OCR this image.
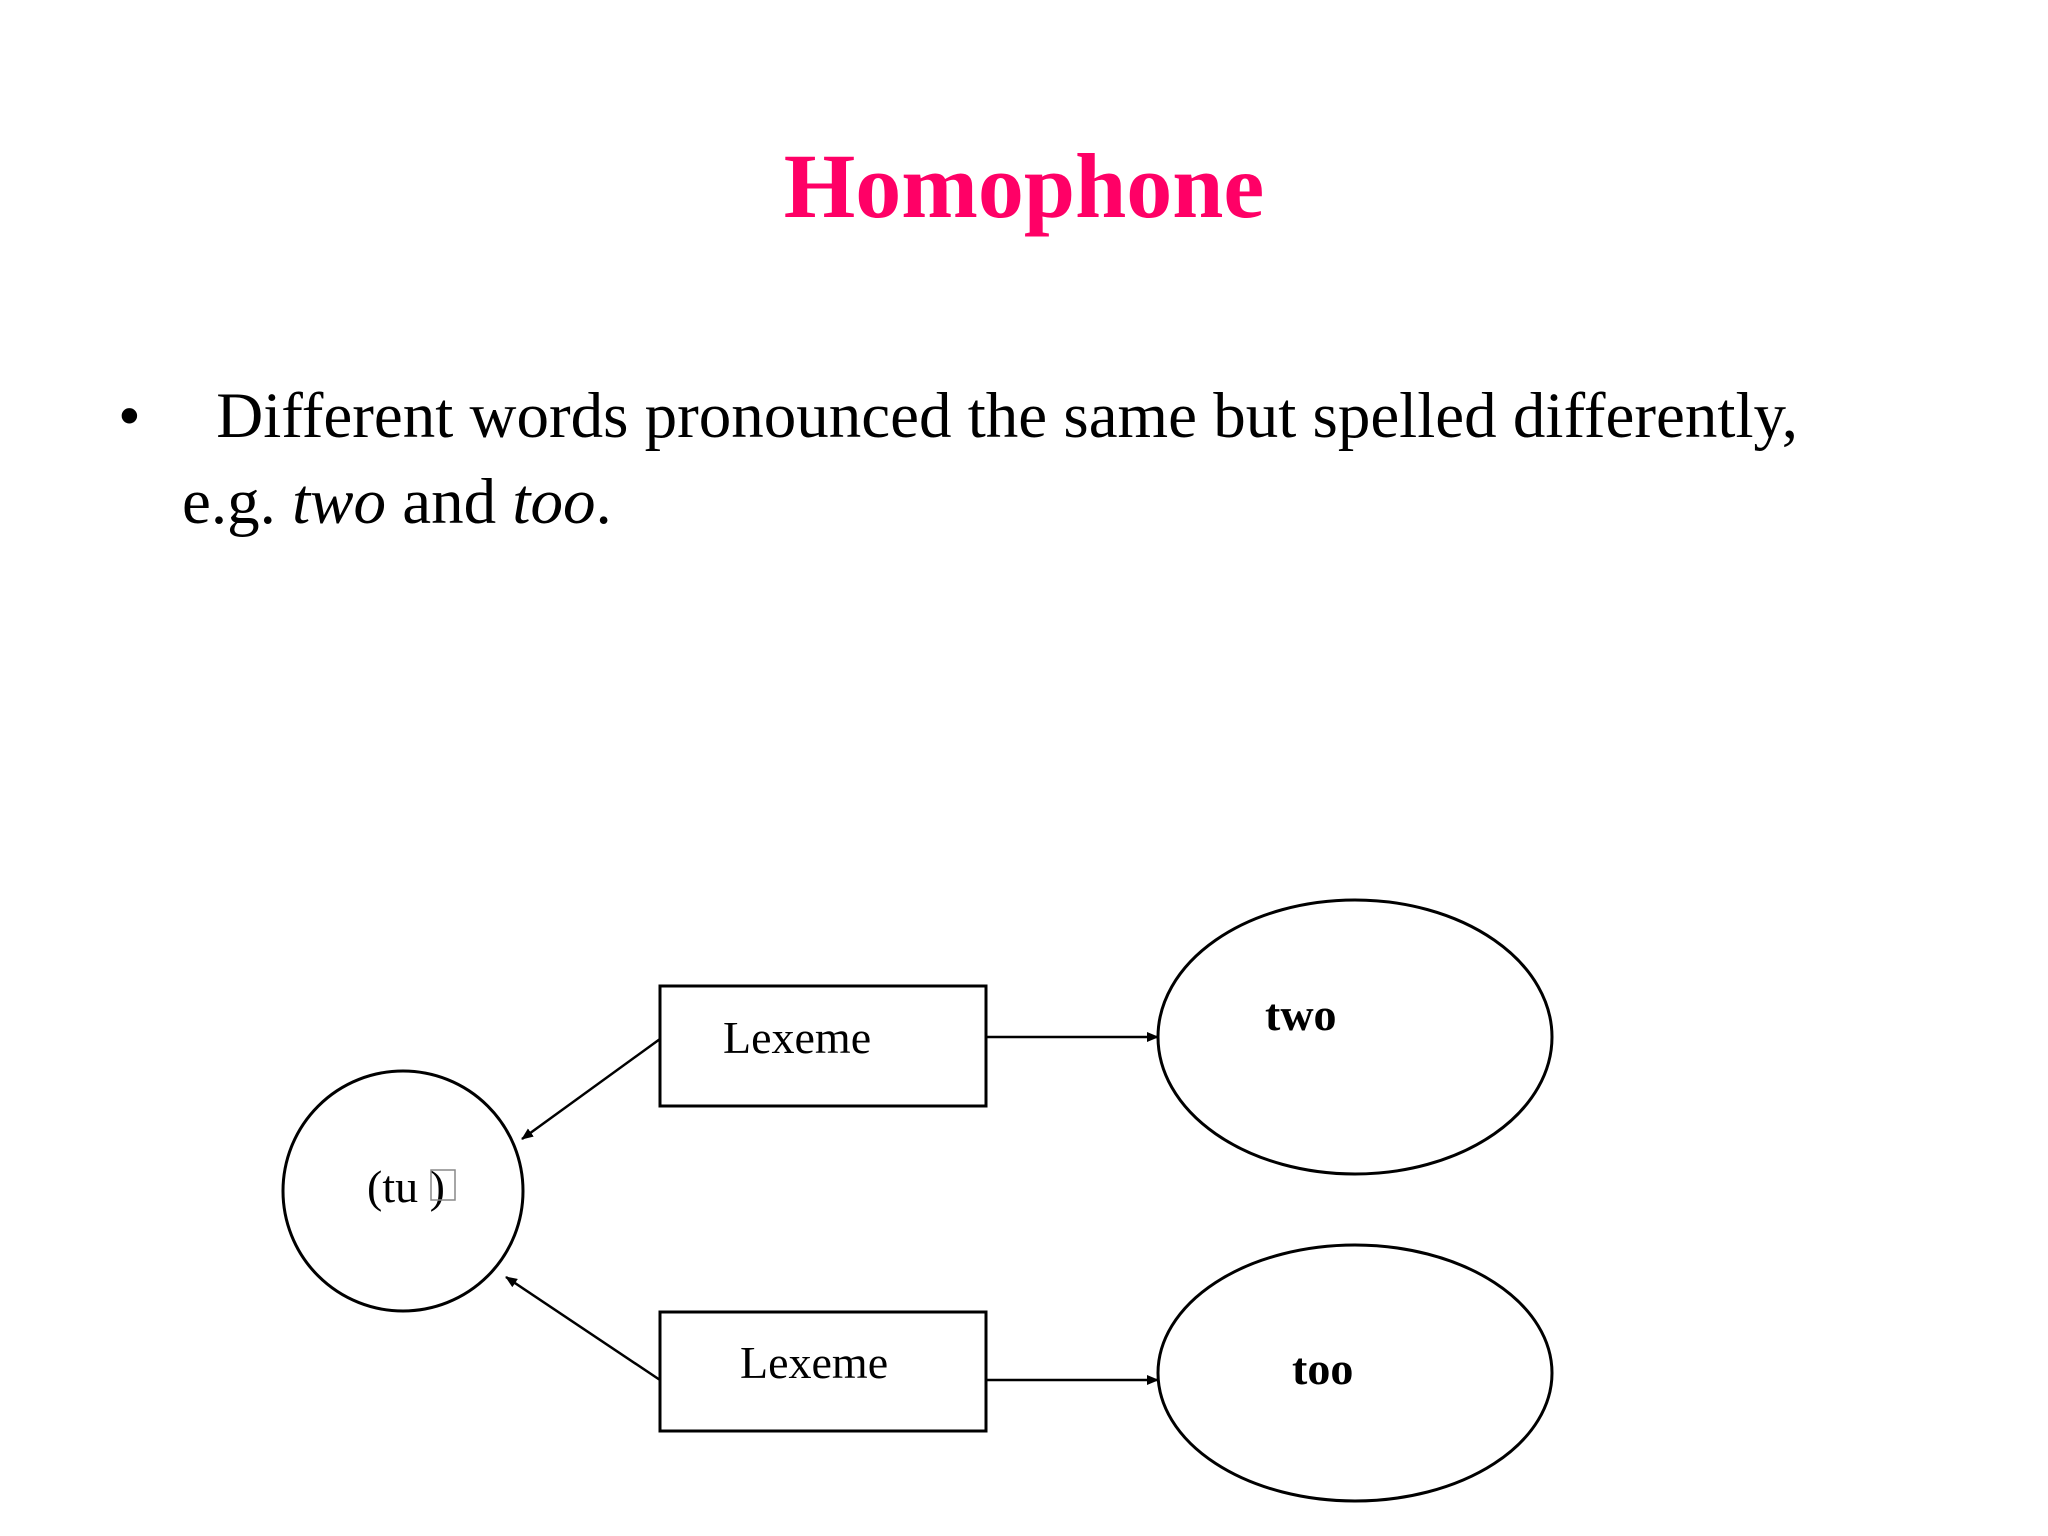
Homophone
• Different words pronounced the same but spelled differently,
e.g. two and too.
(tu )
Lexeme
Lexeme
two
too
